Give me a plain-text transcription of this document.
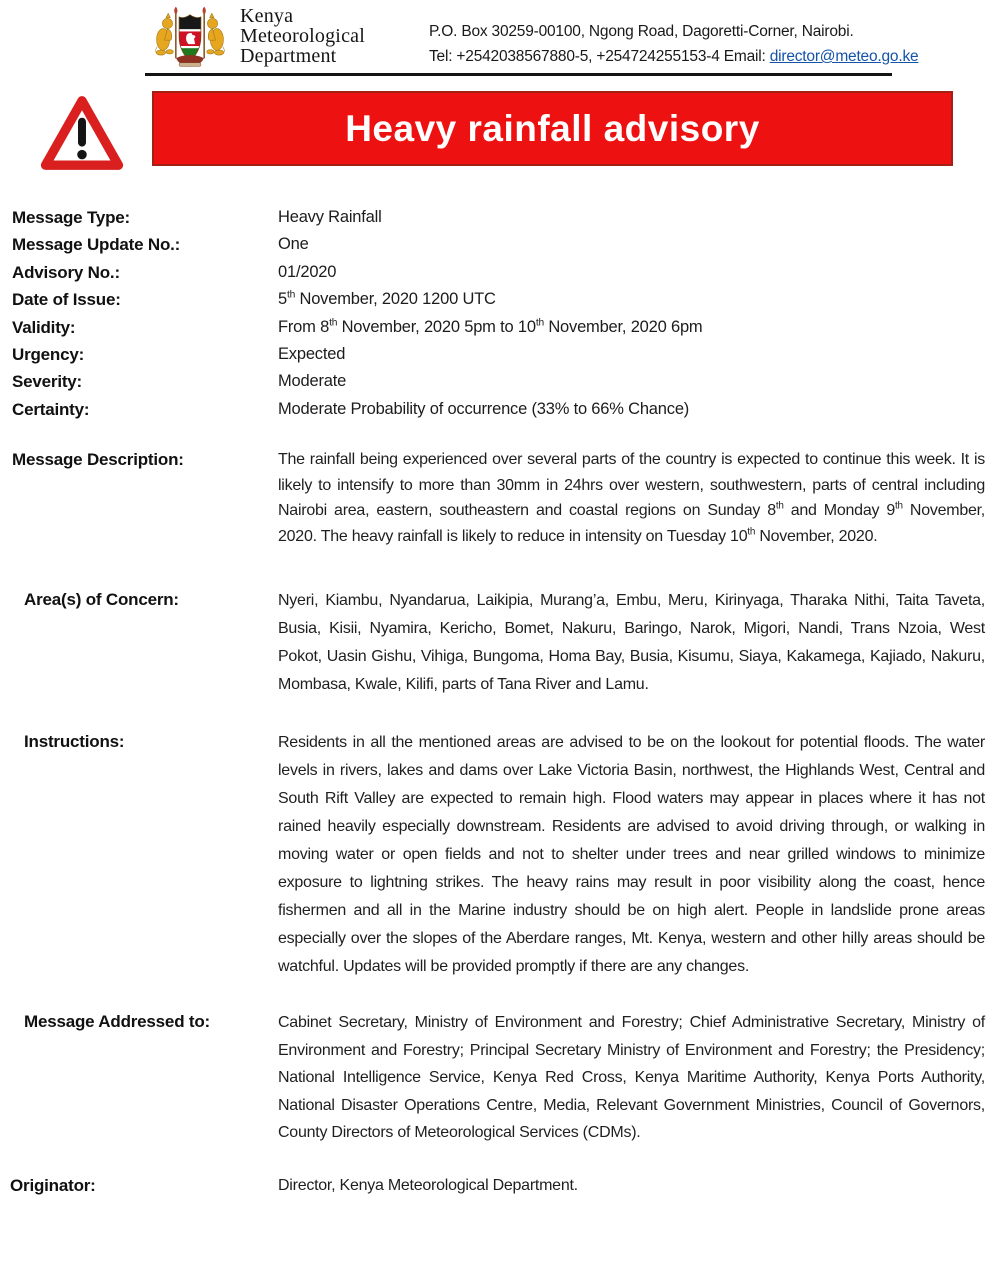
Kenya
Meteorological
Department
P.O. Box 30259-00100, Ngong Road, Dagoretti-Corner, Nairobi.
Tel: +2542038567880-5, +254724255153-4 Email: director@meteo.go.ke
Heavy rainfall advisory
Message Type:	Heavy Rainfall
Message Update No.:	One
Advisory No.:	01/2020
Date of Issue:	5th November, 2020 1200 UTC
Validity:	From 8th November, 2020 5pm to 10th November, 2020 6pm
Urgency:	Expected
Severity:	Moderate
Certainty:	Moderate Probability of occurrence (33% to 66% Chance)
Message Description:	The rainfall being experienced over several parts of the country is expected to continue this week. It is likely to intensify to more than 30mm in 24hrs over western, southwestern, parts of central including Nairobi area, eastern, southeastern and coastal regions on Sunday 8th and Monday 9th November, 2020. The heavy rainfall is likely to reduce in intensity on Tuesday 10th November, 2020.
Area(s) of Concern:	Nyeri, Kiambu, Nyandarua, Laikipia, Murang’a, Embu, Meru, Kirinyaga, Tharaka Nithi, Taita Taveta, Busia, Kisii, Nyamira, Kericho, Bomet, Nakuru, Baringo, Narok, Migori, Nandi, Trans Nzoia, West Pokot, Uasin Gishu, Vihiga, Bungoma, Homa Bay, Busia, Kisumu, Siaya, Kakamega, Kajiado, Nakuru, Mombasa, Kwale, Kilifi, parts of Tana River and Lamu.
Instructions:	Residents in all the mentioned areas are advised to be on the lookout for potential floods. The water levels in rivers, lakes and dams over Lake Victoria Basin, northwest, the Highlands West, Central and South Rift Valley are expected to remain high. Flood waters may appear in places where it has not rained heavily especially downstream. Residents are advised to avoid driving through, or walking in moving water or open fields and not to shelter under trees and near grilled windows to minimize exposure to lightning strikes. The heavy rains may result in poor visibility along the coast, hence fishermen and all in the Marine industry should be on high alert. People in landslide prone areas especially over the slopes of the Aberdare ranges, Mt. Kenya, western and other hilly areas should be watchful. Updates will be provided promptly if there are any changes.
Message Addressed to:	Cabinet Secretary, Ministry of Environment and Forestry; Chief Administrative Secretary, Ministry of Environment and Forestry; Principal Secretary Ministry of Environment and Forestry; the Presidency; National Intelligence Service, Kenya Red Cross, Kenya Maritime Authority, Kenya Ports Authority, National Disaster Operations Centre, Media, Relevant Government Ministries, Council of Governors, County Directors of Meteorological Services (CDMs).
Originator:	Director, Kenya Meteorological Department.
